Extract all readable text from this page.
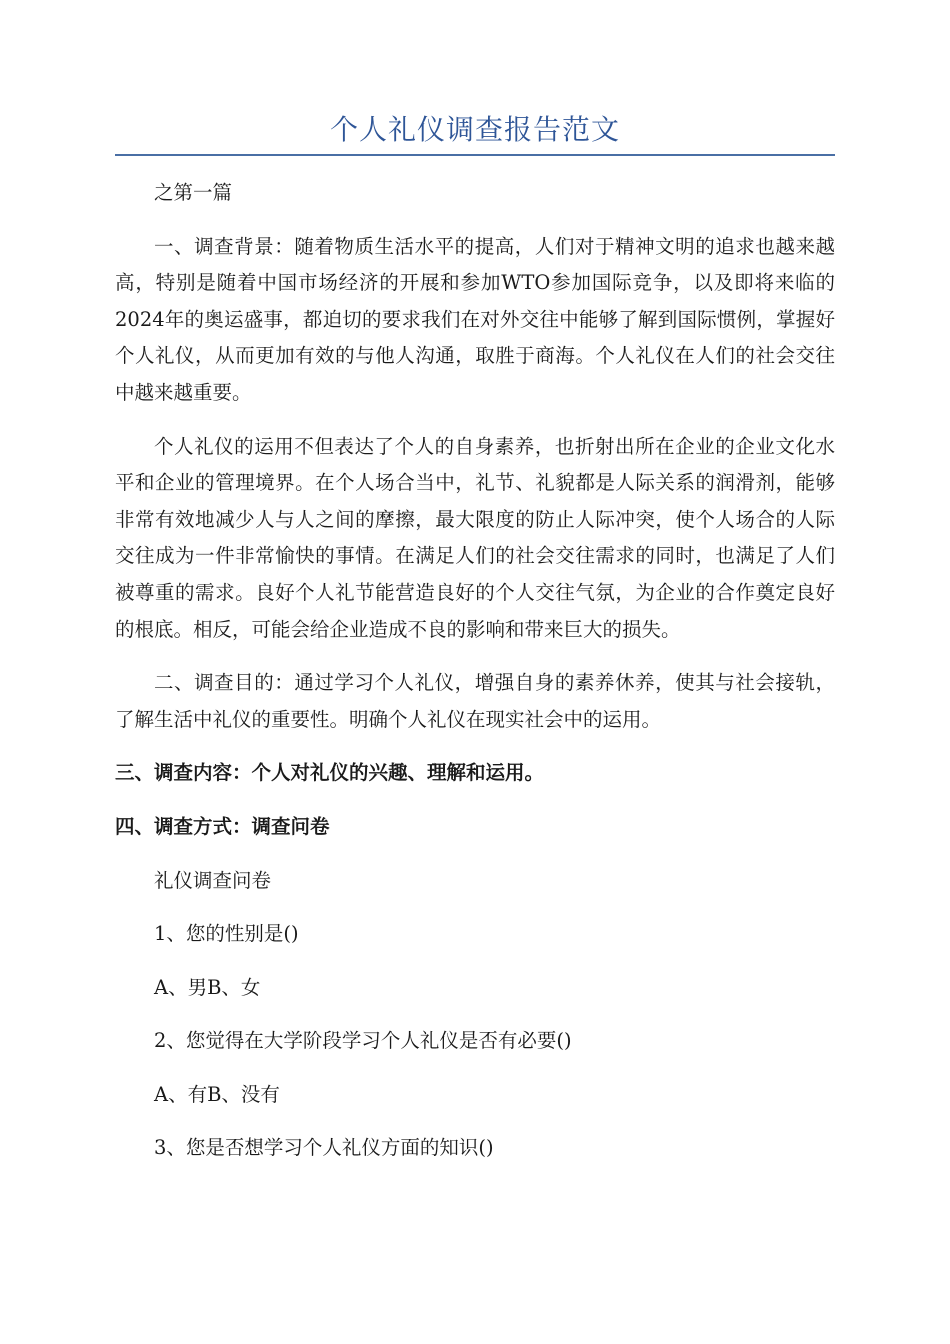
个人礼仪调查报告范文

之第一篇

一、调查背景：随着物质生活水平的提高，人们对于精神文明的追求也越来越高，特别是随着中国市场经济的开展和参加WTO参加国际竞争，以及即将来临的2024年的奥运盛事，都迫切的要求我们在对外交往中能够了解到国际惯例，掌握好个人礼仪，从而更加有效的与他人沟通，取胜于商海。个人礼仪在人们的社会交往中越来越重要。

个人礼仪的运用不但表达了个人的自身素养，也折射出所在企业的企业文化水平和企业的管理境界。在个人场合当中，礼节、礼貌都是人际关系的润滑剂，能够非常有效地减少人与人之间的摩擦，最大限度的防止人际冲突，使个人场合的人际交往成为一件非常愉快的事情。在满足人们的社会交往需求的同时，也满足了人们被尊重的需求。良好个人礼节能营造良好的个人交往气氛，为企业的合作奠定良好的根底。相反，可能会给企业造成不良的影响和带来巨大的损失。

二、调查目的：通过学习个人礼仪，增强自身的素养休养，使其与社会接轨，了解生活中礼仪的重要性。明确个人礼仪在现实社会中的运用。

三、调查内容：个人对礼仪的兴趣、理解和运用。

四、调查方式：调查问卷

礼仪调查问卷

1、您的性别是()

A、男B、女

2、您觉得在大学阶段学习个人礼仪是否有必要()

A、有B、没有

3、您是否想学习个人礼仪方面的知识()
